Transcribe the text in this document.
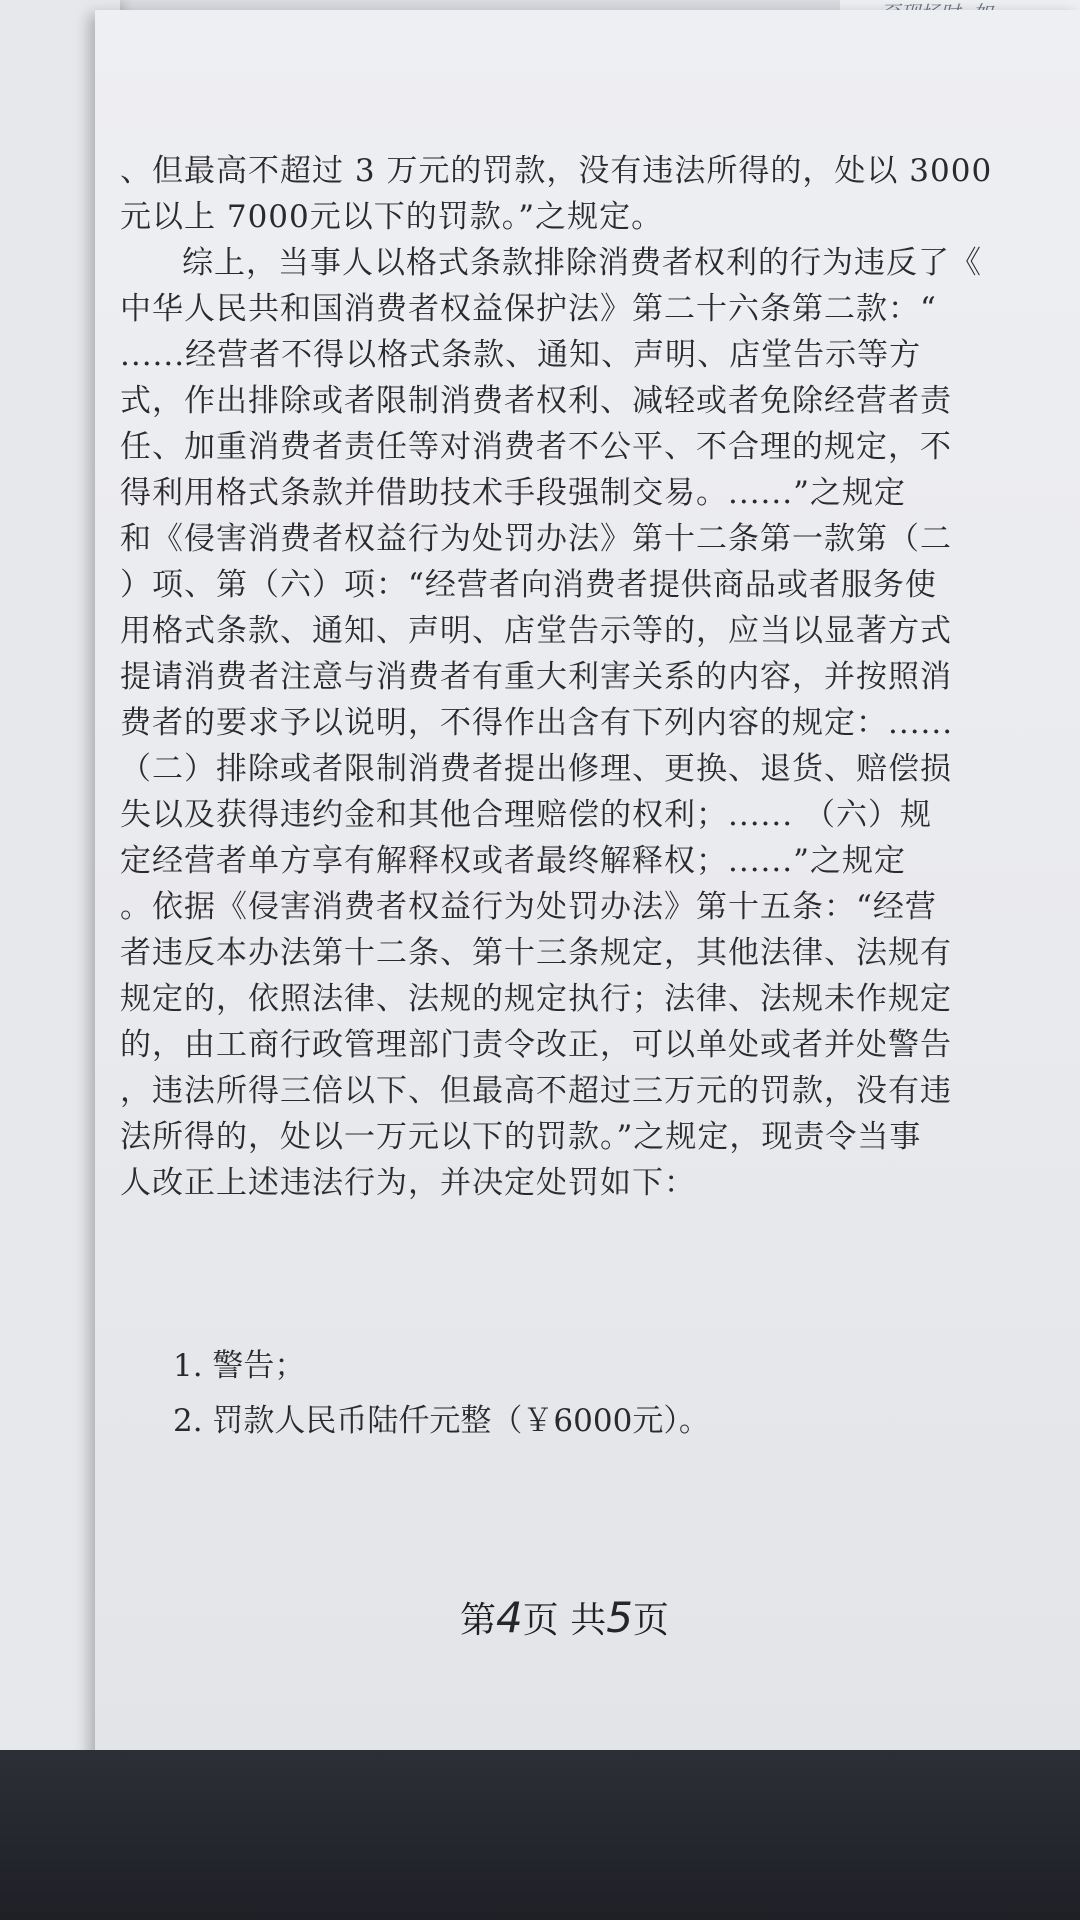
、但最高不超过 3 万元的罚款，没有违法所得的，处以 3000
元以上 7000元以下的罚款。”之规定。
综上，当事人以格式条款排除消费者权利的行为违反了《
中华人民共和国消费者权益保护法》第二十六条第二款：“
......经营者不得以格式条款、通知、声明、店堂告示等方
式，作出排除或者限制消费者权利、减轻或者免除经营者责
任、加重消费者责任等对消费者不公平、不合理的规定，不
得利用格式条款并借助技术手段强制交易。......”之规定
和《侵害消费者权益行为处罚办法》第十二条第一款第（二
）项、第（六）项：“经营者向消费者提供商品或者服务使
用格式条款、通知、声明、店堂告示等的，应当以显著方式
提请消费者注意与消费者有重大利害关系的内容，并按照消
费者的要求予以说明，不得作出含有下列内容的规定：......
（二）排除或者限制消费者提出修理、更换、退货、赔偿损
失以及获得违约金和其他合理赔偿的权利；...... （六）规
定经营者单方享有解释权或者最终解释权；......”之规定
。依据《侵害消费者权益行为处罚办法》第十五条：“经营
者违反本办法第十二条、第十三条规定，其他法律、法规有
规定的，依照法律、法规的规定执行；法律、法规未作规定
的，由工商行政管理部门责令改正，可以单处或者并处警告
，违法所得三倍以下、但最高不超过三万元的罚款，没有违
法所得的，处以一万元以下的罚款。”之规定，现责令当事
人改正上述违法行为，并决定处罚如下：
1. 警告；
2. 罚款人民币陆仟元整（￥6000元）。
第4页 共5页
